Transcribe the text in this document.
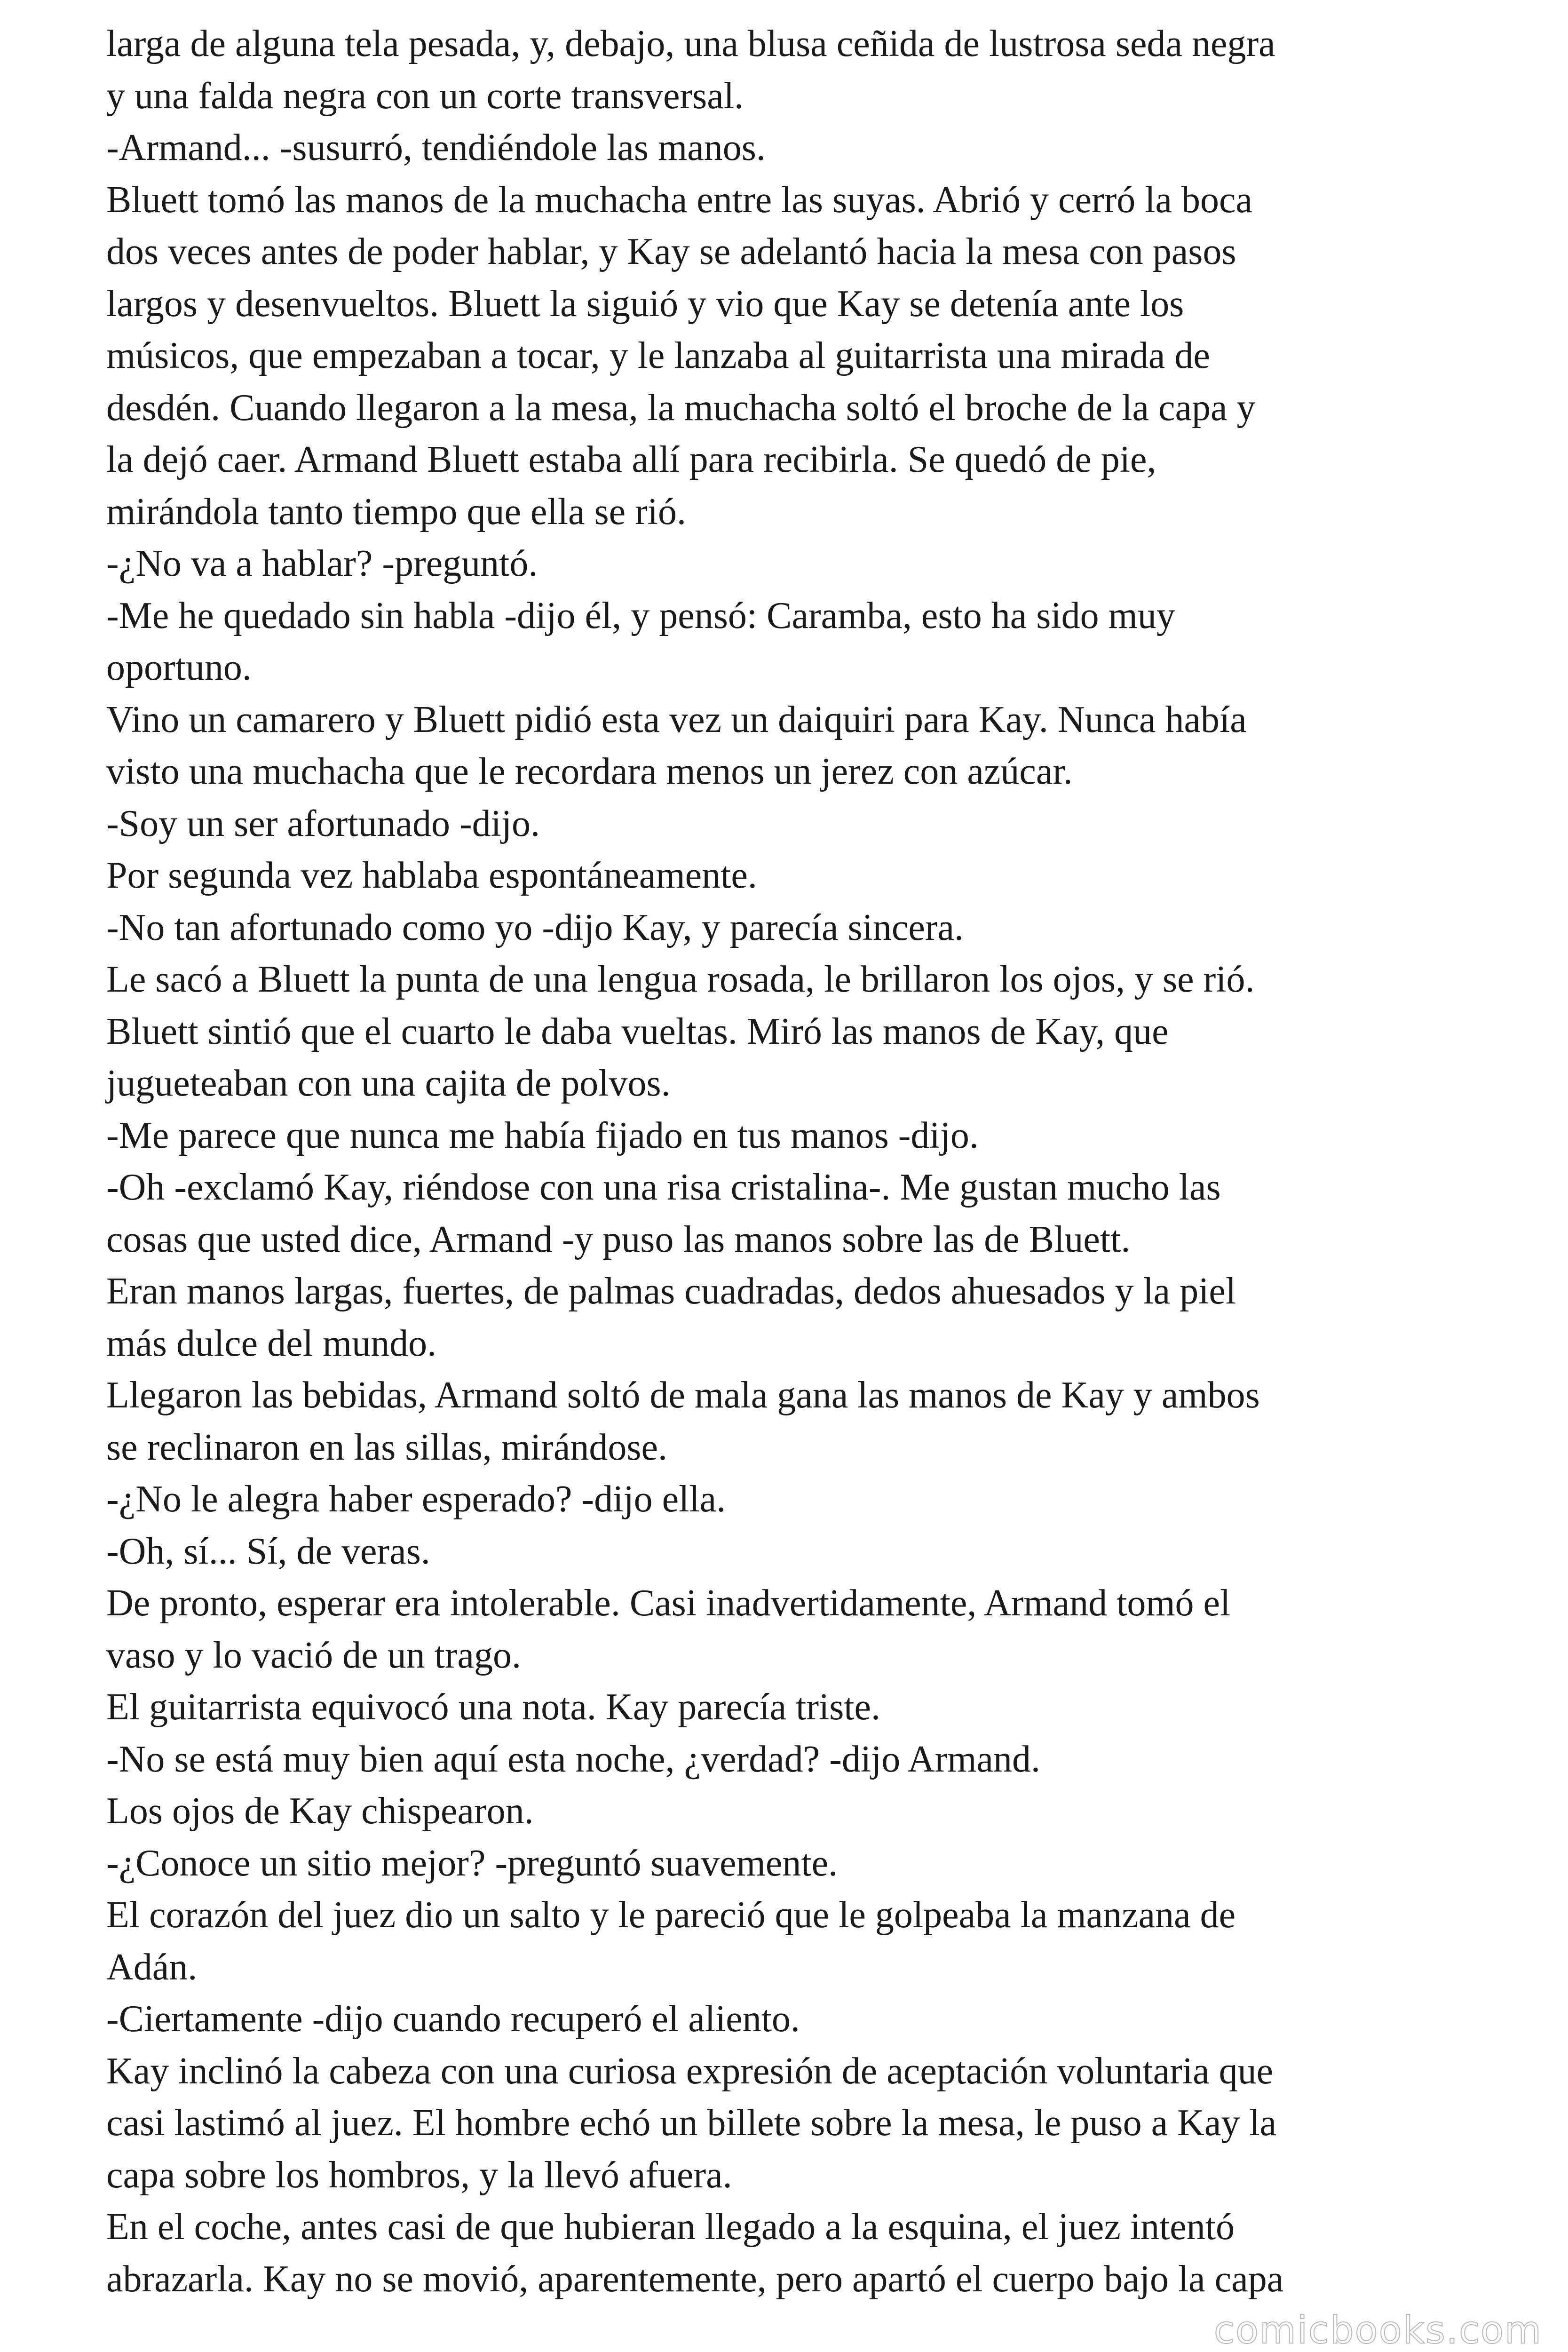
larga de alguna tela pesada, y, debajo, una blusa ceñida de lustrosa seda negra
y una falda negra con un corte transversal.
-Armand... -susurró, tendiéndole las manos.
Bluett tomó las manos de la muchacha entre las suyas. Abrió y cerró la boca
dos veces antes de poder hablar, y Kay se adelantó hacia la mesa con pasos
largos y desenvueltos. Bluett la siguió y vio que Kay se detenía ante los
músicos, que empezaban a tocar, y le lanzaba al guitarrista una mirada de
desdén. Cuando llegaron a la mesa, la muchacha soltó el broche de la capa y
la dejó caer. Armand Bluett estaba allí para recibirla. Se quedó de pie,
mirándola tanto tiempo que ella se rió.
-¿No va a hablar? -preguntó.
-Me he quedado sin habla -dijo él, y pensó: Caramba, esto ha sido muy
oportuno.
Vino un camarero y Bluett pidió esta vez un daiquiri para Kay. Nunca había
visto una muchacha que le recordara menos un jerez con azúcar.
-Soy un ser afortunado -dijo.
Por segunda vez hablaba espontáneamente.
-No tan afortunado como yo -dijo Kay, y parecía sincera.
Le sacó a Bluett la punta de una lengua rosada, le brillaron los ojos, y se rió.
Bluett sintió que el cuarto le daba vueltas. Miró las manos de Kay, que
jugueteaban con una cajita de polvos.
-Me parece que nunca me había fijado en tus manos -dijo.
-Oh -exclamó Kay, riéndose con una risa cristalina-. Me gustan mucho las
cosas que usted dice, Armand -y puso las manos sobre las de Bluett.
Eran manos largas, fuertes, de palmas cuadradas, dedos ahuesados y la piel
más dulce del mundo.
Llegaron las bebidas, Armand soltó de mala gana las manos de Kay y ambos
se reclinaron en las sillas, mirándose.
-¿No le alegra haber esperado? -dijo ella.
-Oh, sí... Sí, de veras.
De pronto, esperar era intolerable. Casi inadvertidamente, Armand tomó el
vaso y lo vació de un trago.
El guitarrista equivocó una nota. Kay parecía triste.
-No se está muy bien aquí esta noche, ¿verdad? -dijo Armand.
Los ojos de Kay chispearon.
-¿Conoce un sitio mejor? -preguntó suavemente.
El corazón del juez dio un salto y le pareció que le golpeaba la manzana de
Adán.
-Ciertamente -dijo cuando recuperó el aliento.
Kay inclinó la cabeza con una curiosa expresión de aceptación voluntaria que
casi lastimó al juez. El hombre echó un billete sobre la mesa, le puso a Kay la
capa sobre los hombros, y la llevó afuera.
En el coche, antes casi de que hubieran llegado a la esquina, el juez intentó
abrazarla. Kay no se movió, aparentemente, pero apartó el cuerpo bajo la capa
comicbooks.com
